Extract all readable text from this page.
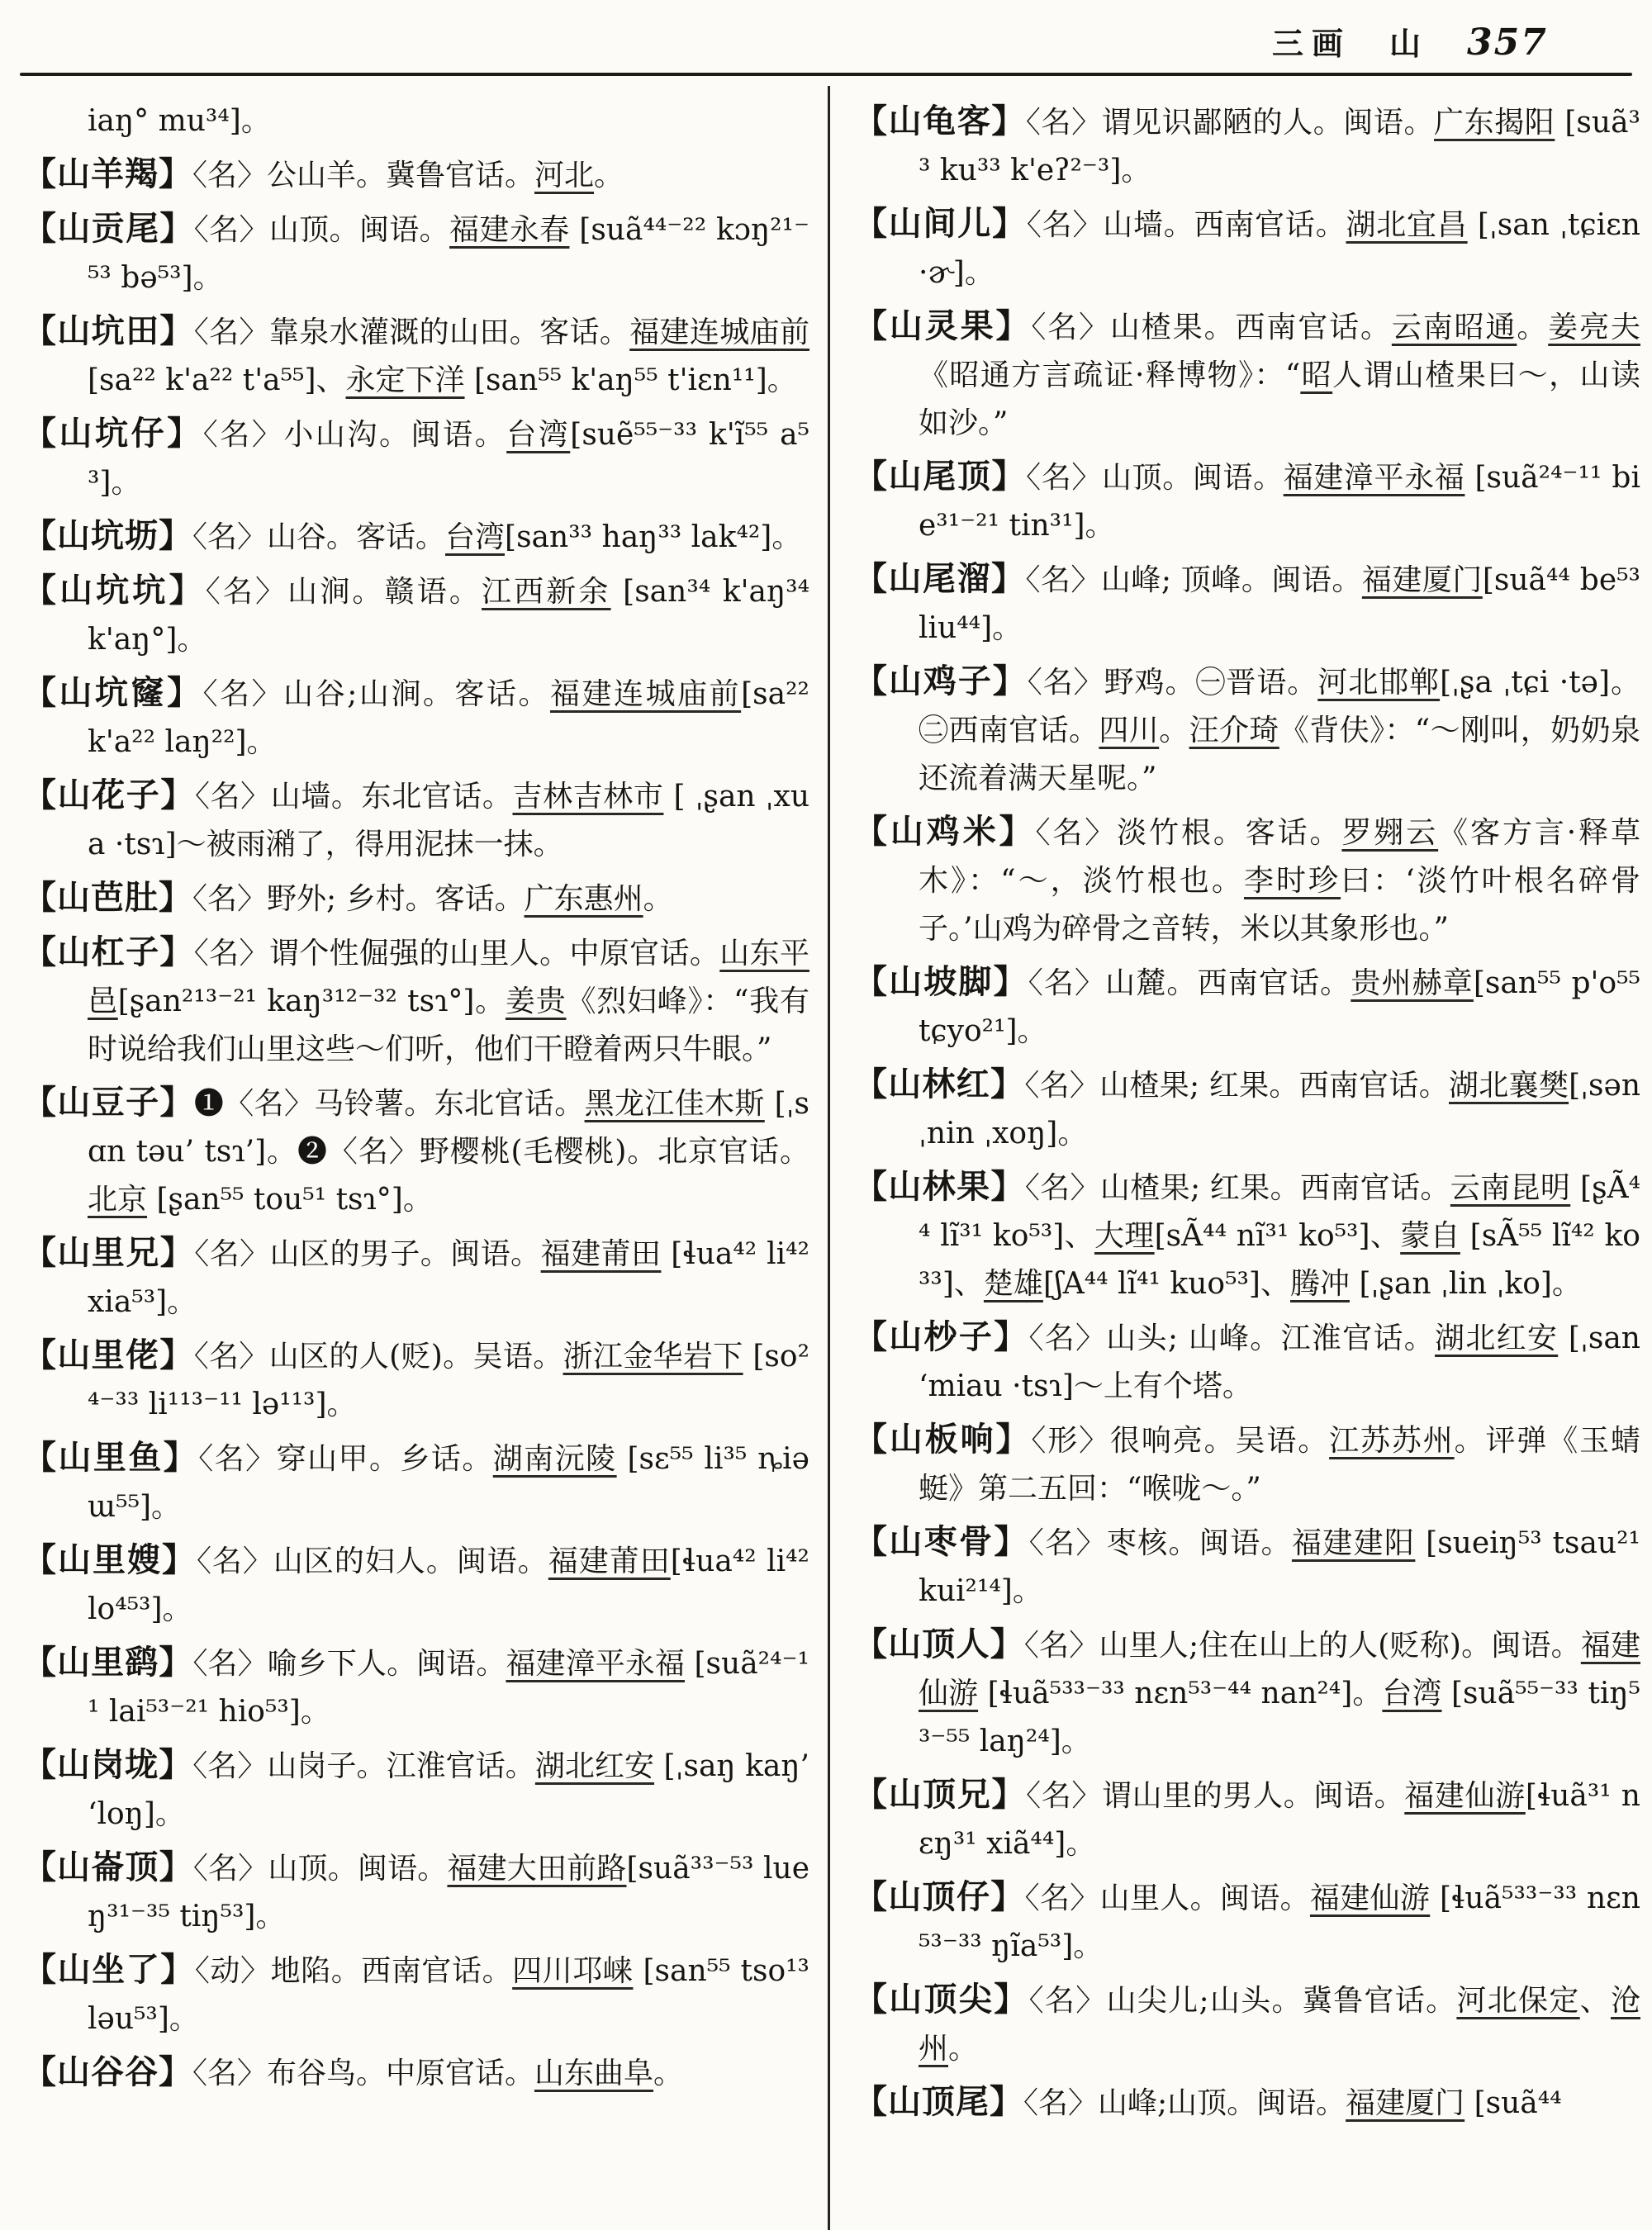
三画 山 357

iaŋ° mu³⁴]。

【山羊羯】〈名〉公山羊。冀鲁官话。河北。

【山贡尾】〈名〉山顶。闽语。福建永春 [suã⁴⁴⁻²² kɔŋ²¹⁻⁵³ bə⁵³]。

【山坑田】〈名〉靠泉水灌溉的山田。客话。福建连城庙前 [sa²² k'a²² t'a⁵⁵]、永定下洋 [san⁵⁵ k'aŋ⁵⁵ t'iɛn¹¹]。

【山坑仔】〈名〉小山沟。闽语。台湾[suẽ⁵⁵⁻³³ k'ĩ⁵⁵ a⁵³]。

【山坑坜】〈名〉山谷。客话。台湾[san³³ haŋ³³ lak⁴²]。

【山坑坑】〈名〉山涧。赣语。江西新余 [san³⁴ k'aŋ³⁴ k'aŋ°]。

【山坑窿】〈名〉山谷;山涧。客话。福建连城庙前[sa²² k'a²² laŋ²²]。

【山花子】〈名〉山墙。东北官话。吉林吉林市 [ ˌʂan ˌxua ·tsɿ]～被雨潲了，得用泥抹一抹。

【山芭肚】〈名〉野外; 乡村。客话。广东惠州。

【山杠子】〈名〉谓个性倔强的山里人。中原官话。山东平邑[ʂan²¹³⁻²¹ kaŋ³¹²⁻³² tsɿ°]。姜贵《烈妇峰》：“我有时说给我们山里这些～们听，他们干瞪着两只牛眼。”

【山豆子】❶〈名〉马铃薯。东北官话。黑龙江佳木斯 [ˌsɑn təu’ tsɿ’]。❷〈名〉野樱桃(毛樱桃)。北京官话。北京 [ʂan⁵⁵ tou⁵¹ tsɿ°]。

【山里兄】〈名〉山区的男子。闽语。福建莆田 [ɬua⁴² li⁴² xia⁵³]。

【山里佬】〈名〉山区的人(贬)。吴语。浙江金华岩下 [so²⁴⁻³³ li¹¹³⁻¹¹ lə¹¹³]。

【山里鱼】〈名〉穿山甲。乡话。湖南沅陵 [sɛ⁵⁵ li³⁵ ȵiəɯ⁵⁵]。

【山里嫂】〈名〉山区的妇人。闽语。福建莆田[ɬua⁴² li⁴² lo⁴⁵³]。

【山里鹞】〈名〉喻乡下人。闽语。福建漳平永福 [suã²⁴⁻¹¹ lai⁵³⁻²¹ hio⁵³]。

【山岗垅】〈名〉山岗子。江淮官话。湖北红安 [ˌsaŋ kaŋ’ ‘loŋ]。

【山崙顶】〈名〉山顶。闽语。福建大田前路[suã³³⁻⁵³ lueŋ³¹⁻³⁵ tiŋ⁵³]。

【山坐了】〈动〉地陷。西南官话。四川邛崃 [san⁵⁵ tso¹³ ləu⁵³]。

【山谷谷】〈名〉布谷鸟。中原官话。山东曲阜。

【山龟客】〈名〉谓见识鄙陋的人。闽语。广东揭阳 [suã³³ ku³³ k'eʔ²⁻³]。

【山间儿】〈名〉山墙。西南官话。湖北宜昌 [ˌsan ˌtɕiɛn ·ɚ]。

【山灵果】〈名〉山楂果。西南官话。云南昭通。姜亮夫《昭通方言疏证·释博物》：“昭人谓山楂果曰～，山读如沙。”

【山尾顶】〈名〉山顶。闽语。福建漳平永福 [suã²⁴⁻¹¹ bie³¹⁻²¹ tin³¹]。

【山尾溜】〈名〉山峰; 顶峰。闽语。福建厦门[suã⁴⁴ be⁵³ liu⁴⁴]。

【山鸡子】〈名〉野鸡。㊀晋语。河北邯郸[ˌʂa ˌtɕi ·tə]。㊁西南官话。四川。汪介琦《背伕》：“～刚叫，奶奶泉还流着满天星呢。”

【山鸡米】〈名〉淡竹根。客话。罗翙云《客方言·释草木》：“～，淡竹根也。李时珍曰：‘淡竹叶根名碎骨子。’山鸡为碎骨之音转，米以其象形也。”

【山坡脚】〈名〉山麓。西南官话。贵州赫章[san⁵⁵ p'o⁵⁵ tɕyo²¹]。

【山林红】〈名〉山楂果; 红果。西南官话。湖北襄樊[ˌsən ˌnin ˌxoŋ]。

【山林果】〈名〉山楂果; 红果。西南官话。云南昆明 [ʂÃ⁴⁴ lĩ³¹ ko⁵³]、大理[sÃ⁴⁴ nĩ³¹ ko⁵³]、蒙自 [sÃ⁵⁵ lĩ⁴² ko³³]、楚雄[ʃA⁴⁴ lĩ⁴¹ kuo⁵³]、腾冲 [ˌʂan ˌlin ˌko]。

【山杪子】〈名〉山头; 山峰。江淮官话。湖北红安 [ˌsan ‘miau ·tsɿ]～上有个塔。

【山板响】〈形〉很响亮。吴语。江苏苏州。评弹《玉蜻蜓》第二五回：“喉咙～。”

【山枣骨】〈名〉枣核。闽语。福建建阳 [sueiŋ⁵³ tsau²¹ kui²¹⁴]。

【山顶人】〈名〉山里人;住在山上的人(贬称)。闽语。福建仙游 [ɬuã⁵³³⁻³³ nɛn⁵³⁻⁴⁴ nan²⁴]。台湾 [suã⁵⁵⁻³³ tiŋ⁵³⁻⁵⁵ laŋ²⁴]。

【山顶兄】〈名〉谓山里的男人。闽语。福建仙游[ɬuã³¹ nɛŋ³¹ xiã⁴⁴]。

【山顶仔】〈名〉山里人。闽语。福建仙游 [ɬuã⁵³³⁻³³ nɛn⁵³⁻³³ ŋĩa⁵³]。

【山顶尖】〈名〉山尖儿;山头。冀鲁官话。河北保定、沧州。

【山顶尾】〈名〉山峰;山顶。闽语。福建厦门 [suã⁴⁴
